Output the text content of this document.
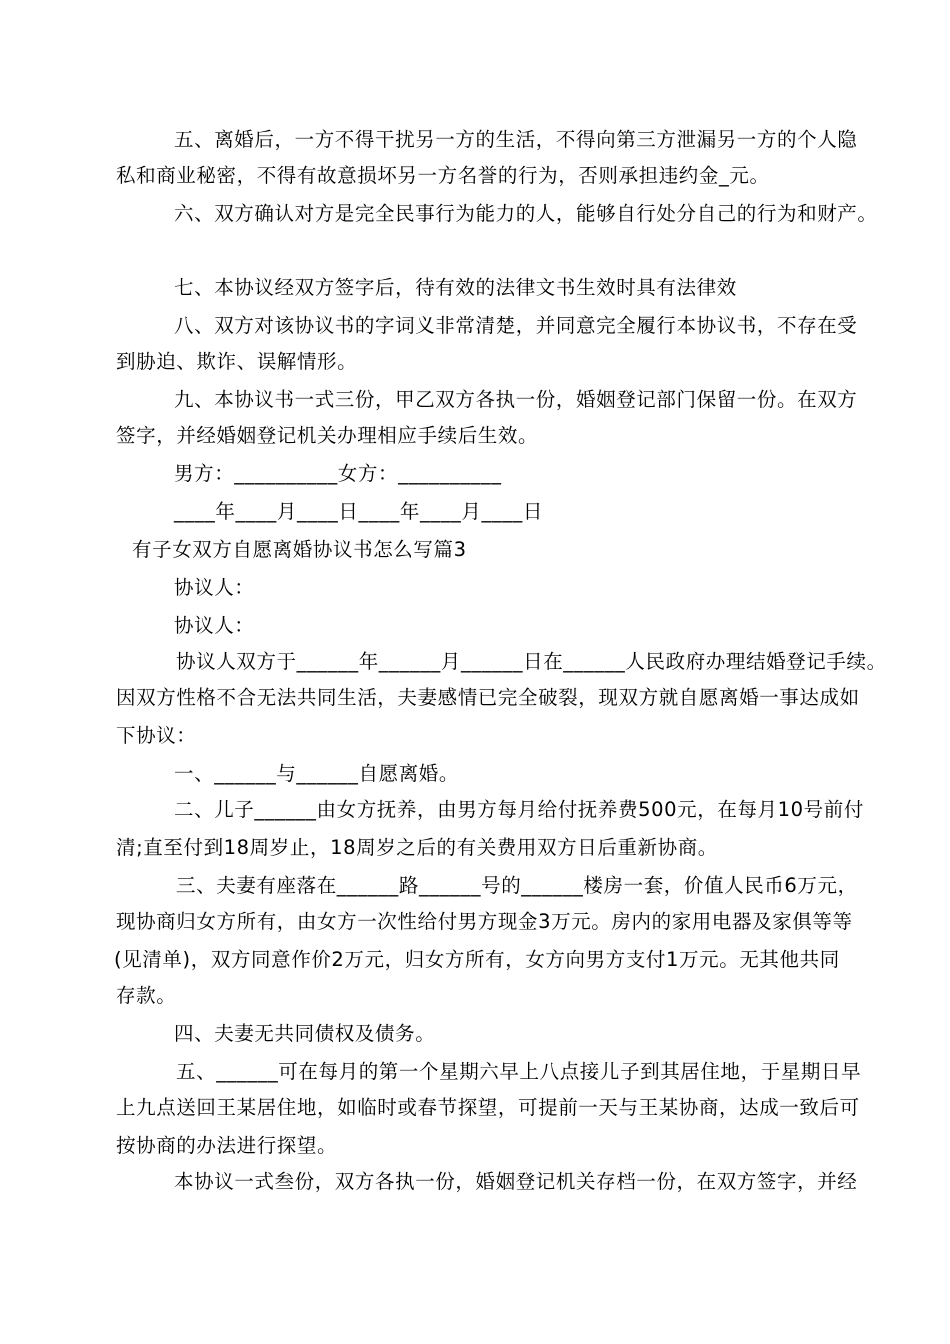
五、离婚后，一方不得干扰另一方的生活，不得向第三方泄漏另一方的个人隐

私和商业秘密，不得有故意损坏另一方名誉的行为，否则承担违约金_元。

六、双方确认对方是完全民事行为能力的人，能够自行处分自己的行为和财产。

七、本协议经双方签字后，待有效的法律文书生效时具有法律效

八、双方对该协议书的字词义非常清楚，并同意完全履行本协议书，不存在受

到胁迫、欺诈、误解情形。

九、本协议书一式三份，甲乙双方各执一份，婚姻登记部门保留一份。在双方

签字，并经婚姻登记机关办理相应手续后生效。

男方：__________女方：__________

____年____月____日____年____月____日

有子女双方自愿离婚协议书怎么写篇3

协议人：

协议人：

协议人双方于______年______月______日在______人民政府办理结婚登记手续。

因双方性格不合无法共同生活，夫妻感情已完全破裂，现双方就自愿离婚一事达成如

下协议：

一、______与______自愿离婚。

二、儿子______由女方抚养，由男方每月给付抚养费500元，在每月10号前付

清;直至付到18周岁止，18周岁之后的有关费用双方日后重新协商。

三、夫妻有座落在______路______号的______楼房一套，价值人民币6万元，

现协商归女方所有，由女方一次性给付男方现金3万元。房内的家用电器及家俱等等

(见清单)，双方同意作价2万元，归女方所有，女方向男方支付1万元。无其他共同

存款。

四、夫妻无共同债权及债务。

五、______可在每月的第一个星期六早上八点接儿子到其居住地，于星期日早

上九点送回王某居住地，如临时或春节探望，可提前一天与王某协商，达成一致后可

按协商的办法进行探望。

本协议一式叁份，双方各执一份，婚姻登记机关存档一份，在双方签字，并经
